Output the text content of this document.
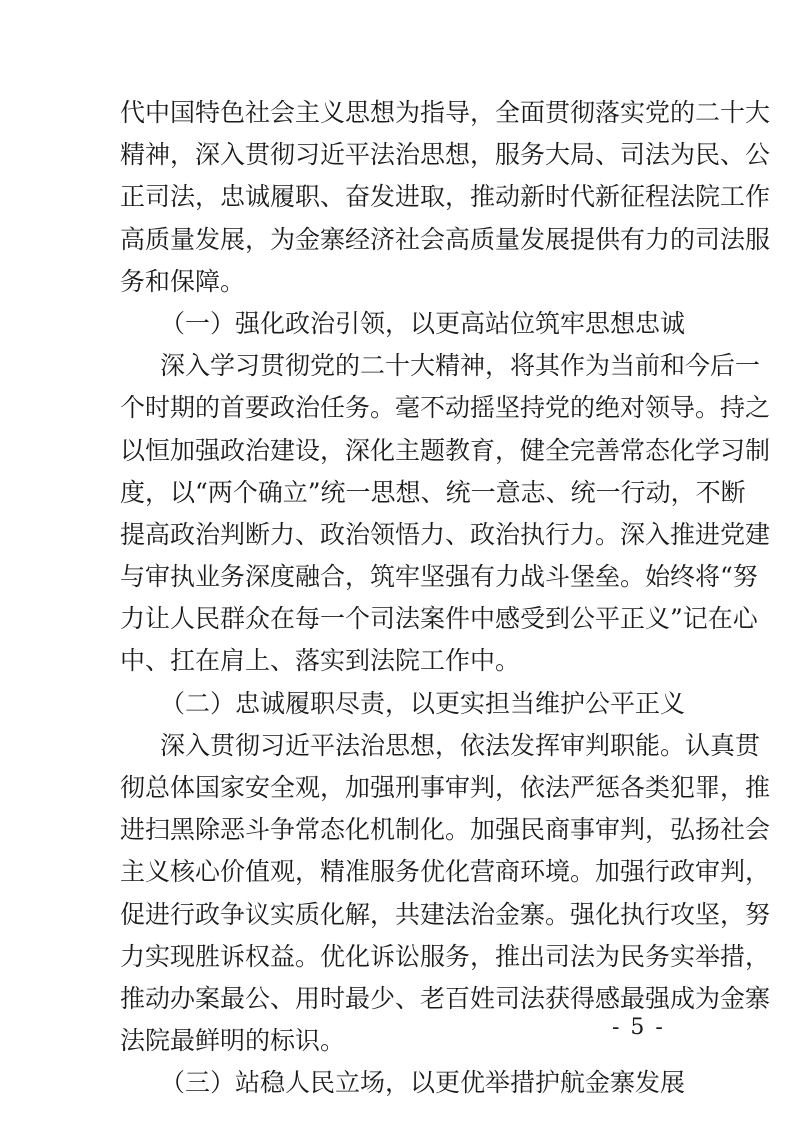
代中国特色社会主义思想为指导，全面贯彻落实党的二十大
精神，深入贯彻习近平法治思想，服务大局、司法为民、公
正司法，忠诚履职、奋发进取，推动新时代新征程法院工作
高质量发展，为金寨经济社会高质量发展提供有力的司法服
务和保障。
（一）强化政治引领，以更高站位筑牢思想忠诚
深入学习贯彻党的二十大精神，将其作为当前和今后一
个时期的首要政治任务。毫不动摇坚持党的绝对领导。持之
以恒加强政治建设，深化主题教育，健全完善常态化学习制
度，以“两个确立”统一思想、统一意志、统一行动，不断
提高政治判断力、政治领悟力、政治执行力。深入推进党建
与审执业务深度融合，筑牢坚强有力战斗堡垒。始终将“努
力让人民群众在每一个司法案件中感受到公平正义”记在心
中、扛在肩上、落实到法院工作中。
（二）忠诚履职尽责，以更实担当维护公平正义
深入贯彻习近平法治思想，依法发挥审判职能。认真贯
彻总体国家安全观，加强刑事审判，依法严惩各类犯罪，推
进扫黑除恶斗争常态化机制化。加强民商事审判，弘扬社会
主义核心价值观，精准服务优化营商环境。加强行政审判，
促进行政争议实质化解，共建法治金寨。强化执行攻坚，努
力实现胜诉权益。优化诉讼服务，推出司法为民务实举措，
推动办案最公、用时最少、老百姓司法获得感最强成为金寨
法院最鲜明的标识。
（三）站稳人民立场，以更优举措护航金寨发展
- 5 -
